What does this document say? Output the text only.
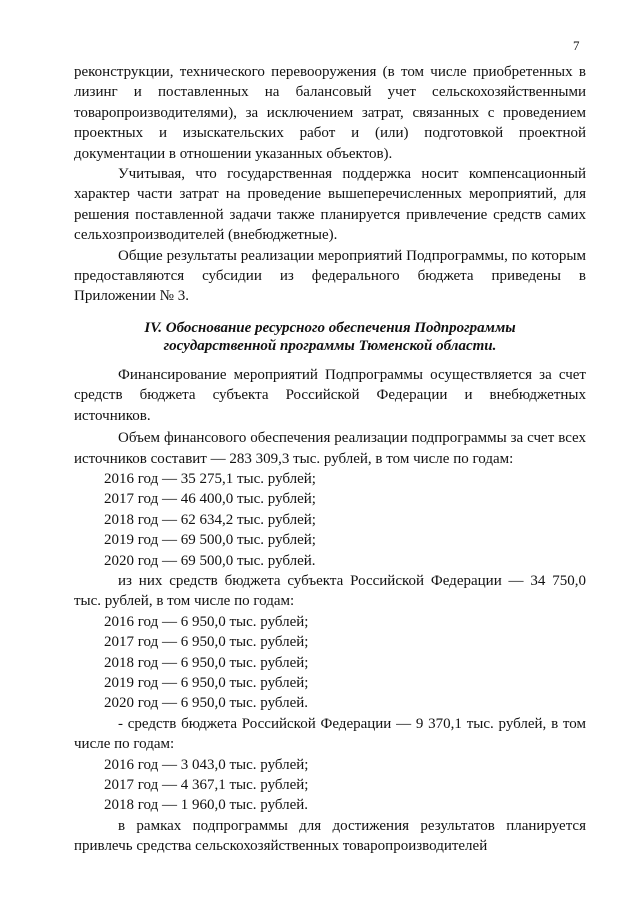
7

реконструкции, технического перевооружения (в том числе приобретенных в лизинг и поставленных на балансовый учет сельскохозяйственными товаропроизводителями), за исключением затрат, связанных с проведением проектных и изыскательских работ и (или) подготовкой проектной документации в отношении указанных объектов).

Учитывая, что государственная поддержка носит компенсационный характер части затрат на проведение вышеперечисленных мероприятий, для решения поставленной задачи также планируется привлечение средств самих сельхозпроизводителей (внебюджетные).

Общие результаты реализации мероприятий Подпрограммы, по которым предоставляются субсидии из федерального бюджета приведены в Приложении № 3.

IV. Обоснование ресурсного обеспечения Подпрограммы
государственной программы Тюменской области.

Финансирование мероприятий Подпрограммы осуществляется за счет средств бюджета субъекта Российской Федерации и внебюджетных источников.

Объем финансового обеспечения реализации подпрограммы за счет всех источников составит — 283 309,3 тыс. рублей, в том числе по годам:

2016 год — 35 275,1 тыс. рублей;
2017 год — 46 400,0 тыс. рублей;
2018 год — 62 634,2 тыс. рублей;
2019 год — 69 500,0 тыс. рублей;
2020 год — 69 500,0 тыс. рублей.

из них средств бюджета субъекта Российской Федерации — 34 750,0 тыс. рублей, в том числе по годам:

2016 год — 6 950,0 тыс. рублей;
2017 год — 6 950,0 тыс. рублей;
2018 год — 6 950,0 тыс. рублей;
2019 год — 6 950,0 тыс. рублей;
2020 год — 6 950,0 тыс. рублей.

- средств бюджета Российской Федерации — 9 370,1 тыс. рублей, в том числе по годам:

2016 год — 3 043,0 тыс. рублей;
2017 год — 4 367,1 тыс. рублей;
2018 год — 1 960,0 тыс. рублей.

в рамках подпрограммы для достижения результатов планируется привлечь средства сельскохозяйственных товаропроизводителей
